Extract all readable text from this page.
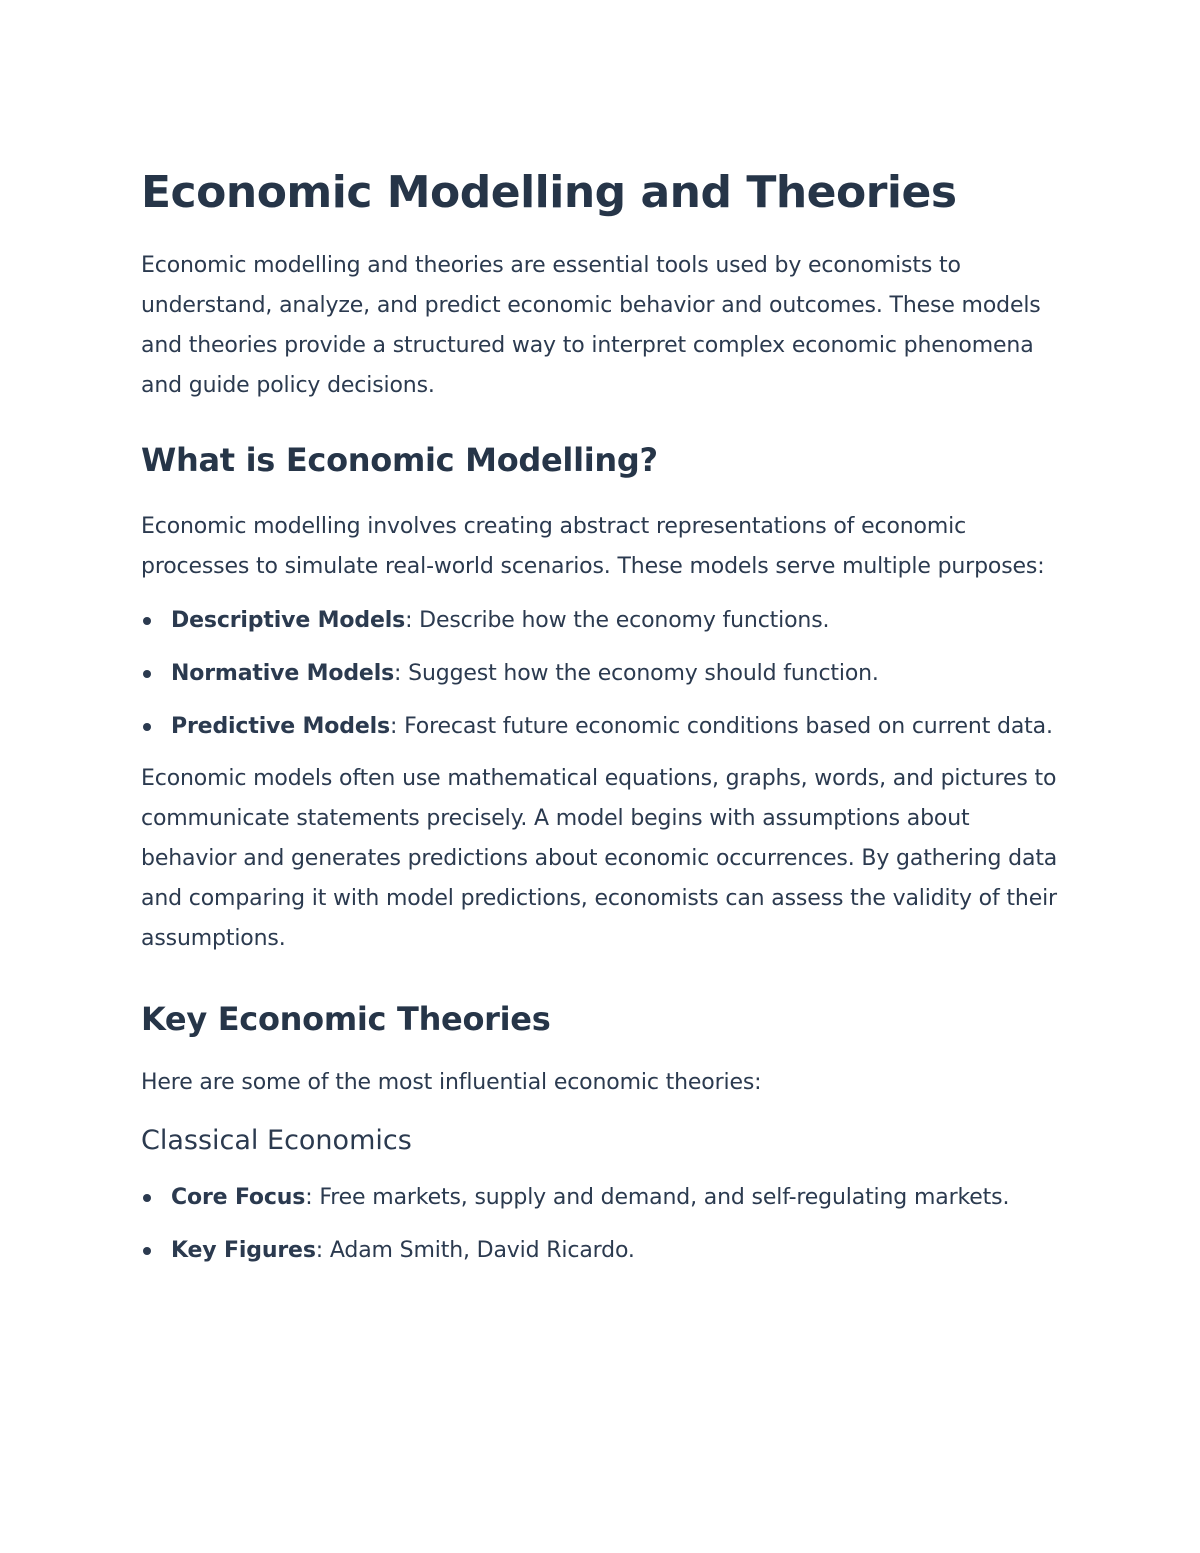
Economic Modelling and Theories

Economic modelling and theories are essential tools used by economists to understand, analyze, and predict economic behavior and outcomes. These models and theories provide a structured way to interpret complex economic phenomena and guide policy decisions.

What is Economic Modelling?

Economic modelling involves creating abstract representations of economic processes to simulate real-world scenarios. These models serve multiple purposes:

Descriptive Models: Describe how the economy functions.
Normative Models: Suggest how the economy should function.
Predictive Models: Forecast future economic conditions based on current data.

Economic models often use mathematical equations, graphs, words, and pictures to communicate statements precisely. A model begins with assumptions about behavior and generates predictions about economic occurrences. By gathering data and comparing it with model predictions, economists can assess the validity of their assumptions.

Key Economic Theories

Here are some of the most influential economic theories:

Classical Economics
Core Focus: Free markets, supply and demand, and self-regulating markets.
Key Figures: Adam Smith, David Ricardo.
